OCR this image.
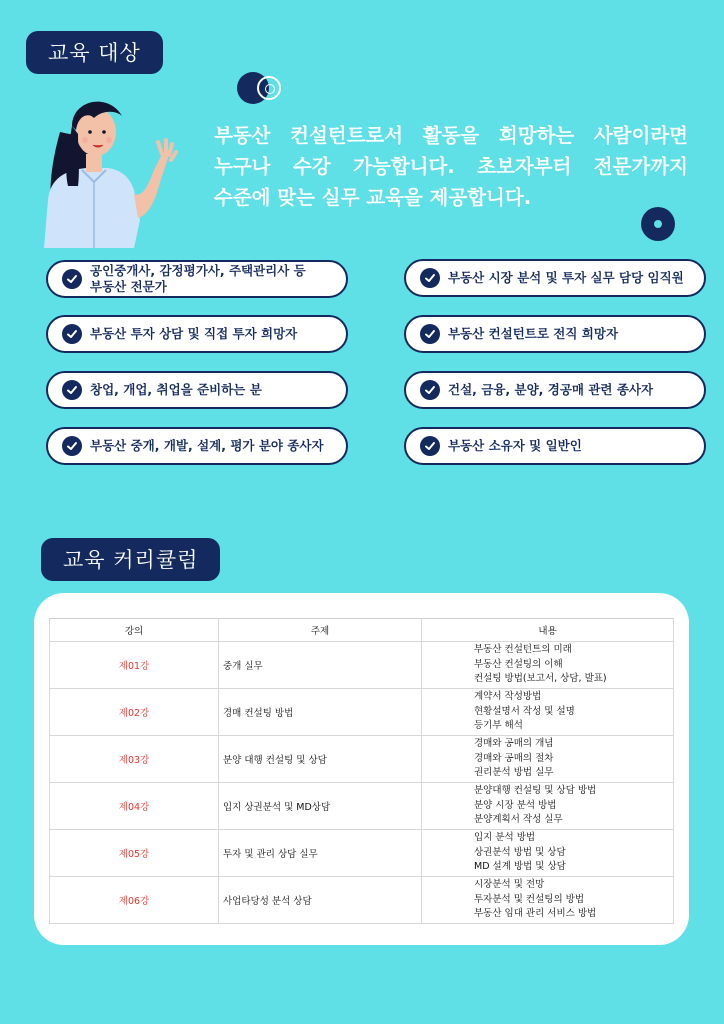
교육 대상
부동산 컨설턴트로서 활동을 희망하는 사람이라면 누구나 수강 가능합니다. 초보자부터 전문가까지 수준에 맞는 실무 교육을 제공합니다.
공인중개사, 감정평가사, 주택관리사 등
부동산 전문가
부동산 투자 상담 및 직접 투자 희망자
창업, 개업, 취업을 준비하는 분
부동산 중개, 개발, 설계, 평가 분야 종사자
부동산 시장 분석 및 투자 실무 담당 임직원
부동산 컨설턴트로 전직 희망자
건설, 금융, 분양, 경공매 관련 종사자
부동산 소유자 및 일반인
교육 커리큘럼
강의	주제	내용
제01강	중개 실무	부동산 컨설턴트의 미래
부동산 컨설팅의 이해
컨설팅 방법(보고서, 상담, 발표)

제02강	경매 컨설팅 방법	계약서 작성방법
현황설명서 작성 및 설명
등기부 해석

제03강	분양 대행 컨설팅 및 상담	경매와 공매의 개념
경매와 공매의 절차
권리분석 방법 실무

제04강	입지 상권분석 및 MD상담	분양대행 컨설팅 및 상담 방법
분양 시장 분석 방법
분양계획서 작성 실무

제05강	투자 및 관리 상담 실무	입지 분석 방법
상권분석 방법 및 상담
MD 설계 방법 및 상담

제06강	사업타당성 분석 상담	시장분석 및 전망
투자분석 및 컨설팅의 방법
부동산 임대 관리 서비스 방법
